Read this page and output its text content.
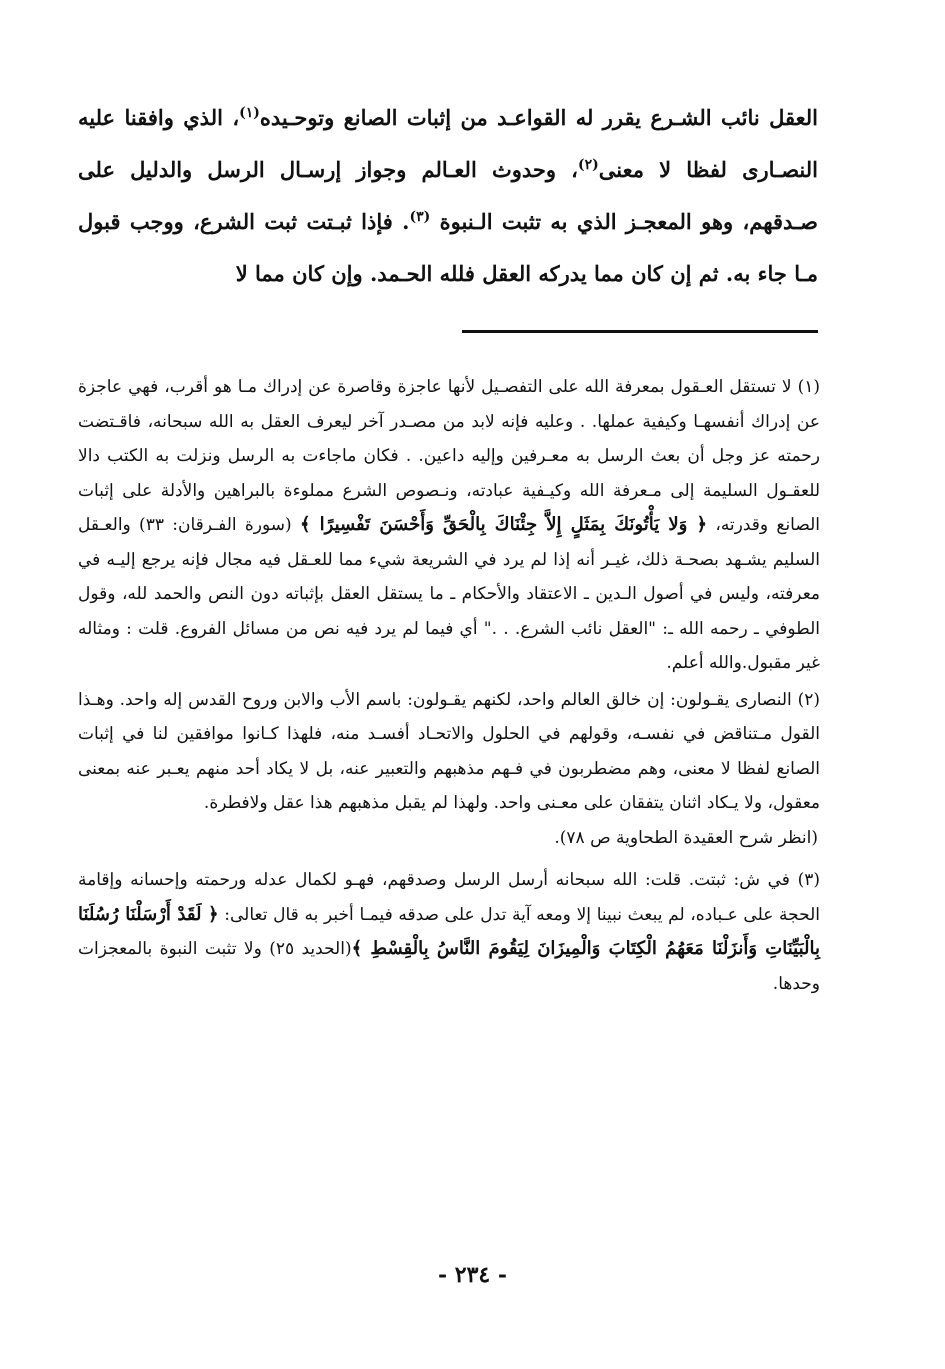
العقل نائب الشـرع يقرر له القواعـد من إثبات الصانع وتوحـيده$^{(١)}$، الذي وافقنا عليه النصـارى لفظا لا معنى$^{(٢)}$، وحدوث العـالم وجواز إرسـال الرسل والدليل على صـدقهم، وهو المعجـز الذي به تثبت الـنبوة $^{(٣)}$. فإذا ثبـتت ثبت الشرع، ووجب قبول مـا جاء به. ثم إن كان مما يدركه العقل فلله الحـمد. وإن كان مما لا
(١) لا تستقل العـقول بمعرفة الله على التفصـيل لأنها عاجزة وقاصرة عن إدراك مـا هو أقرب، فهي عاجزة عن إدراك أنفسهـا وكيفية عملها. . وعليه فإنه لابد من مصـدر آخر ليعرف العقل به الله سبحانه، فاقـتضت رحمته عز وجل أن بعث الرسل به معـرفين وإليه داعين. . فكان ماجاءت به الرسل ونزلت به الكتب دالا للعقـول السليمة إلى مـعرفة الله وكيـفية عبادته، ونـصوص الشرع مملوءة بالبراهين والأدلة على إثبات الصانع وقدرته، ﴿ وَلا يَأْتُونَكَ بِمَثَلٍ إِلاَّ جِئْنَاكَ بِالْحَقِّ وَأَحْسَنَ تَفْسِيرًا ﴾ (سورة الفـرقان: ٣٣) والعـقل السليم يشـهد بصحـة ذلك، غيـر أنه إذا لم يرد في الشريعة شيء مما للعـقل فيه مجال فإنه يرجع إليـه في معرفته، وليس في أصول الـدين ـ الاعتقاد والأحكام ـ ما يستقل العقل بإثباته دون النص والحمد لله، وقول الطوفي ـ رحمه الله ـ: "العقل نائب الشرع. . ." أي فيما لم يرد فيه نص من مسائل الفروع. قلت : ومثاله غير مقبول.والله أعلم.
(٢) النصارى يقـولون: إن خالق العالم واحد، لكنهم يقـولون: باسم الأب والابن وروح القدس إله واحد. وهـذا القول مـتناقض في نفسـه، وقولهم في الحلول والاتحـاد أفسـد منه، فلهذا كـانوا موافقين لنا في إثبات الصانع لفظا لا معنى، وهم مضطربون في فـهم مذهبهم والتعبير عنه، بل لا يكاد أحد منهم يعـبر عنه بمعنى معقول، ولا يـكاد اثنان يتفقان على معـنى واحد. ولهذا لم يقبل مذهبهم هذا عقل ولافطرة.
(انظر شرح العقيدة الطحاوية ص ٧٨).
(٣) في ش: ثبتت. قلت: الله سبحانه أرسل الرسل وصدقهم، فهـو لكمال عدله ورحمته وإحسانه وإقامة الحجة على عـباده، لم يبعث نبينا إلا ومعه آية تدل على صدقه فيمـا أخبر به قال تعالى: ﴿ لَقَدْ أَرْسَلْنَا رُسُلَنَا بِالْبَيِّنَاتِ وَأَنزَلْنَا مَعَهُمُ الْكِتَابَ وَالْمِيزَانَ لِيَقُومَ النَّاسُ بِالْقِسْطِ ﴾(الحديد ٢٥) ولا تثبت النبوة بالمعجزات وحدها.
- ٢٣٤ -
